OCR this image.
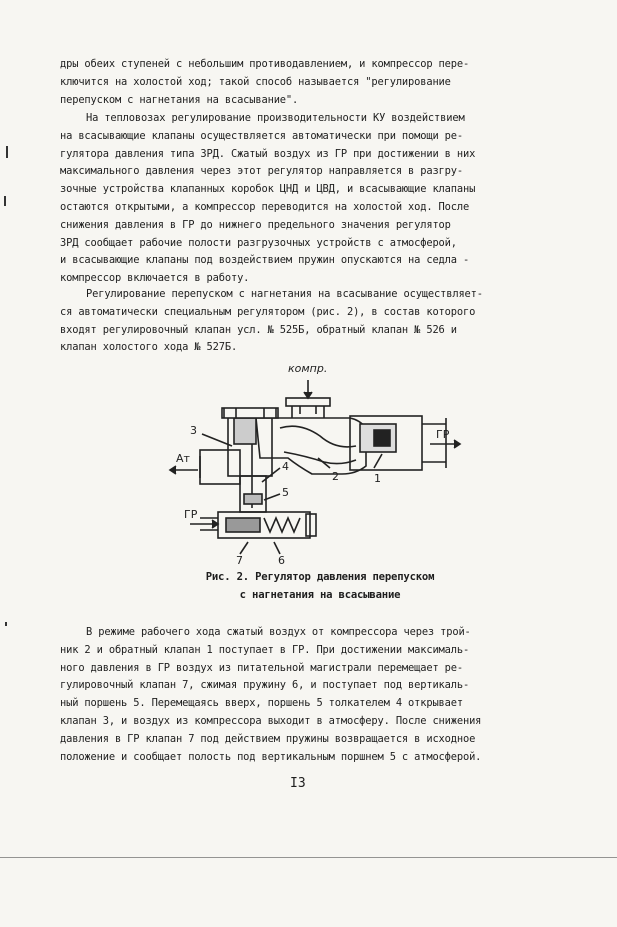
дры обеих ступеней с небольшим противодавлением, и компрессор пере-
ключится на холостой ход; такой способ называется "регулирование
перепуском с нагнетания на всасывание".
На тепловозах регулирование производительности КУ воздействием
на всасывающие клапаны осуществляется автоматически при помощи ре-
гулятора давления типа ЗРД. Сжатый воздух из ГР при достижении в них
максимального давления через этот регулятор направляется в разгру-
зочные устройства клапанных коробок ЦНД и ЦВД, и всасывающие клапаны
остаются открытыми, а компрессор переводится на холостой ход. После
снижения давления в ГР до нижнего предельного значения регулятор
ЗРД сообщает рабочие полости разгрузочных устройств с атмосферой,
и всасывающие клапаны под воздействием пружин опускаются на седла -
компрессор включается в работу.
Регулирование перепуском с нагнетания на всасывание осуществляет-
ся автоматически специальным регулятором (рис. 2), в состав которого
входят регулировочный клапан усл. № 525Б, обратный клапан № 526 и
клапан холостого хода № 527Б.
компр.
ГР
ГР
Aт
1
2
3
4
5
6
7
Рис. 2. Регулятор давления перепуском
с нагнетания на всасывание
В режиме рабочего хода сжатый воздух от компрессора через трой-
ник 2 и обратный клапан 1 поступает в ГР. При достижении максималь-
ного давления в ГР воздух из питательной магистрали перемещает ре-
гулировочный клапан 7, сжимая пружину 6, и поступает под вертикаль-
ный поршень 5. Перемещаясь вверх, поршень 5 толкателем 4 открывает
клапан 3, и воздух из компрессора выходит в атмосферу. После снижения
давления в ГР клапан 7 под действием пружины возвращается в исходное
положение и сообщает полость под вертикальным поршнем 5 с атмосферой.
I3
